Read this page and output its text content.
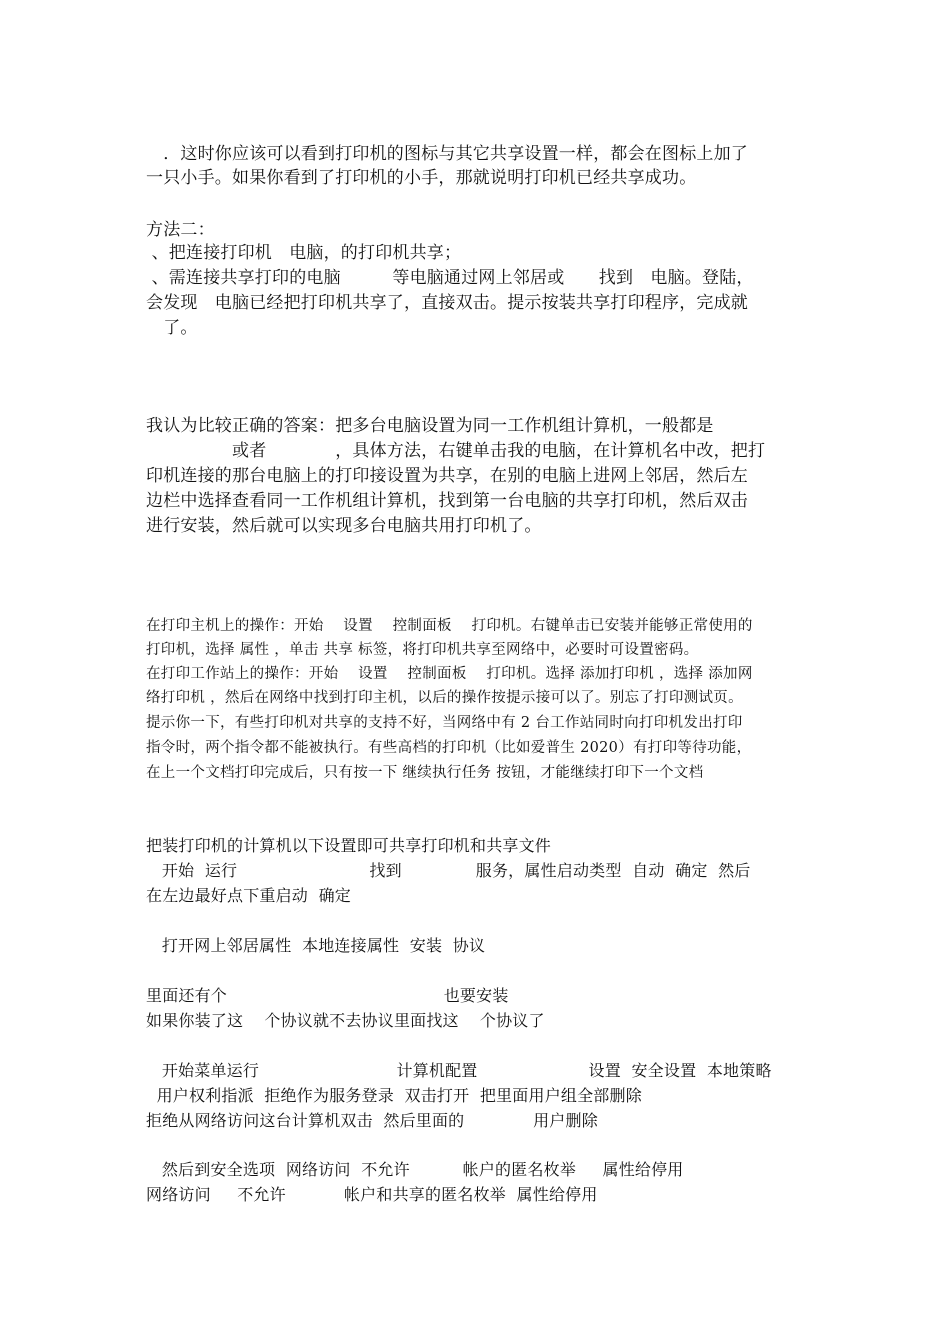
　．这时你应该可以看到打印机的图标与其它共享设置一样，都会在图标上加了
一只小手。如果你看到了打印机的小手，那就说明打印机已经共享成功。
方法二：
、把连接打印机　电脑，的打印机共享；
、需连接共享打印的电脑　　　等电脑通过网上邻居或　　找到　电脑。登陆，
会发现　电脑已经把打印机共享了，直接双击。提示按装共享打印程序，完成就
　了。
我认为比较正确的答案：把多台电脑设置为同一工作机组计算机，一般都是
　　　　　或者　　　　，具体方法，右键单击我的电脑，在计算机名中改，把打
印机连接的那台电脑上的打印接设置为共享，在别的电脑上进网上邻居，然后左
边栏中选择查看同一工作机组计算机，找到第一台电脑的共享打印机，然后双击
进行安装，然后就可以实现多台电脑共用打印机了。
在打印主机上的操作：开始　 设置　 控制面板　 打印机。右键单击已安装并能够正常使用的
打印机，选择 属性 ，单击 共享 标签，将打印机共享至网络中，必要时可设置密码。
在打印工作站上的操作：开始　 设置　 控制面板　 打印机。选择 添加打印机 ，选择 添加网
络打印机 ，然后在网络中找到打印主机，以后的操作按提示接可以了。别忘了打印测试页。
提示你一下，有些打印机对共享的支持不好，当网络中有 2 台工作站同时向打印机发出打印
指令时，两个指令都不能被执行。有些高档的打印机（比如爱普生 2020）有打印等待功能，
在上一个文档打印完成后，只有按一下 继续执行任务 按钮，才能继续打印下一个文档
把装打印机的计算机以下设置即可共享打印机和共享文件
开始  运行                         找到              服务，属性启动类型  自动  确定  然后
在左边最好点下重启动  确定
打开网上邻居属性  本地连接属性  安装  协议
里面还有个                                         也要安装
如果你装了这    个协议就不去协议里面找这    个协议了
开始菜单运行                          计算机配置                     设置  安全设置  本地策略
用户权利指派  拒绝作为服务登录  双击打开  把里面用户组全部删除
拒绝从网络访问这台计算机双击  然后里面的             用户删除
然后到安全选项  网络访问  不允许          帐户的匿名枚举     属性给停用
网络访问     不允许           帐户和共享的匿名枚举  属性给停用
